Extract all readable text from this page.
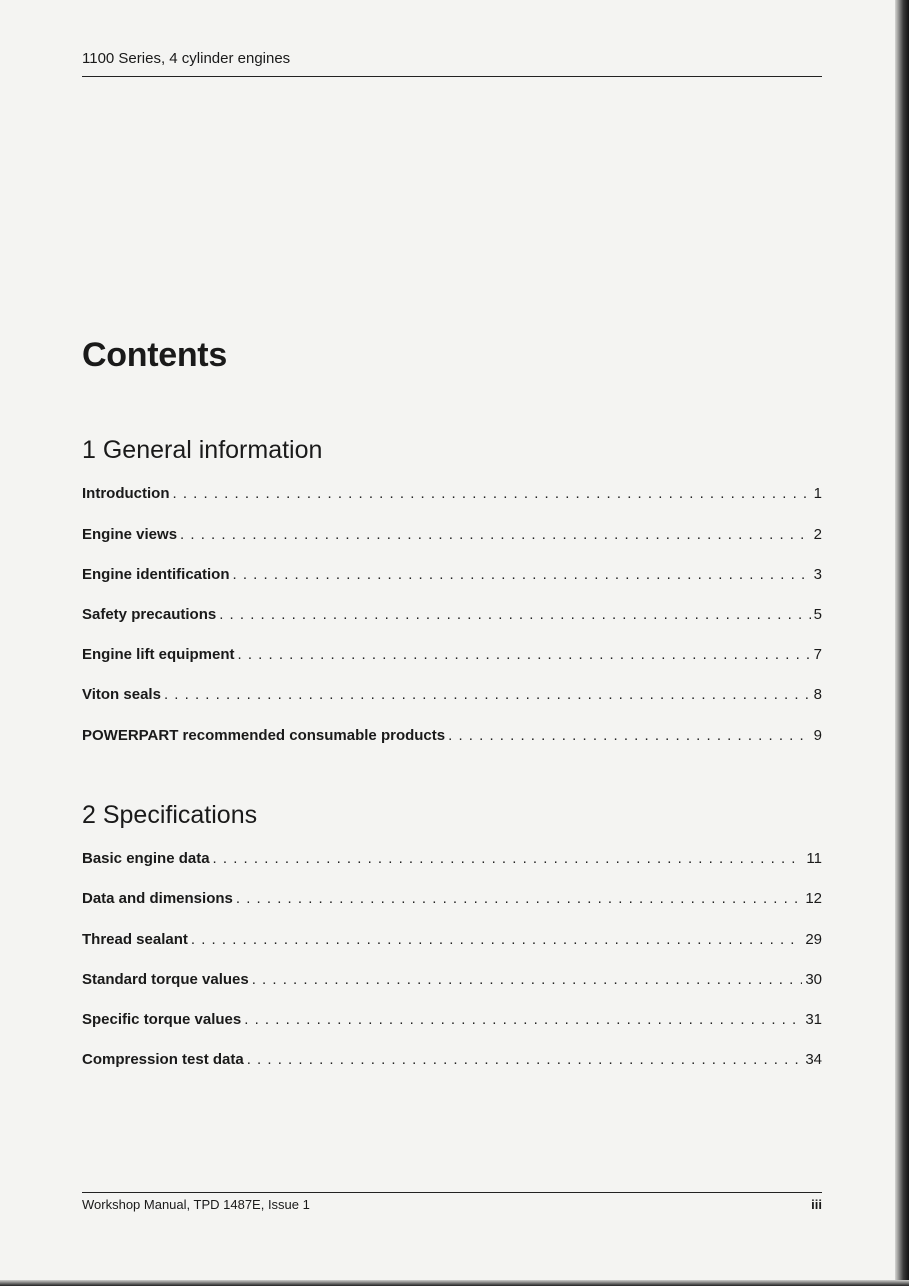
1100 Series, 4 cylinder engines
Contents
1 General information
Introduction . . .	1
Engine views . . .	2
Engine identification . . .	3
Safety precautions . . .	5
Engine lift equipment . . .	7
Viton seals . . .	8
POWERPART recommended consumable products . . .	9
2 Specifications
Basic engine data . . .	11
Data and dimensions . . .	12
Thread sealant . . .	29
Standard torque values . . .	30
Specific torque values . . .	31
Compression test data . . .	34
Workshop Manual, TPD 1487E, Issue 1	iii
